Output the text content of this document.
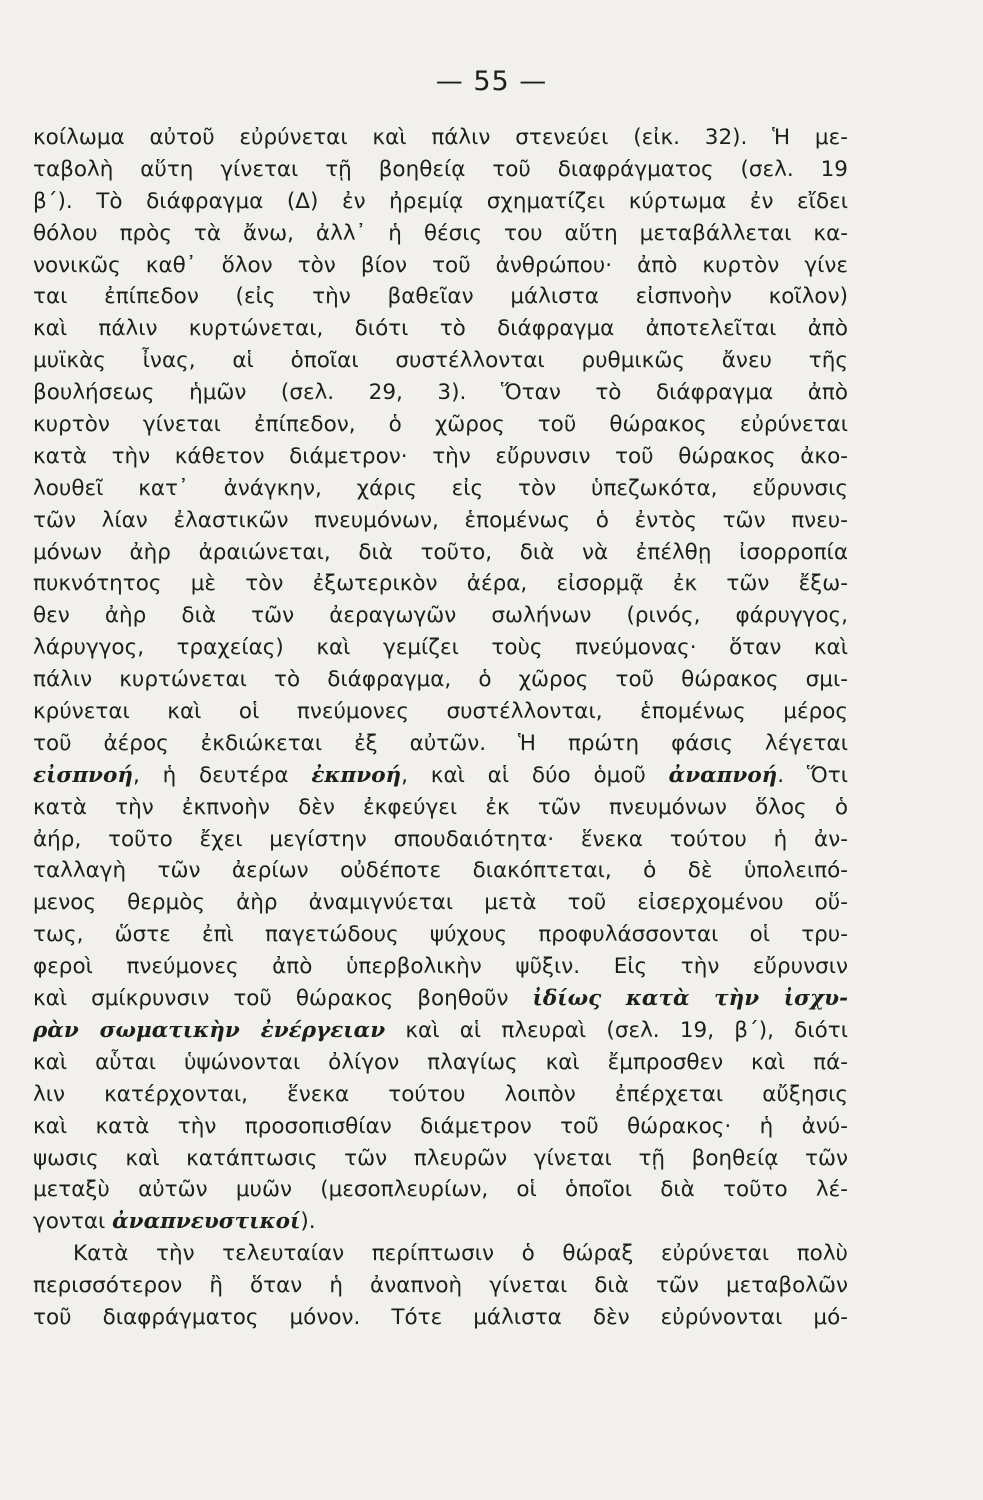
— 55 —
κοίλωμα αὐτοῦ εὐρύνεται καὶ πάλιν στενεύει (εἰκ. 32). Ἡ με-
ταβολὴ αὕτη γίνεται τῇ βοηθείᾳ τοῦ διαφράγματος (σελ. 19
β΄). Τὸ διάφραγμα (Δ) ἐν ἠρεμίᾳ σχηματίζει κύρτωμα ἐν εἴδει
θόλου πρὸς τὰ ἄνω, ἀλλ᾽ ἡ θέσις του αὕτη μεταβάλλεται κα-
νονικῶς καθ᾽ ὅλον τὸν βίον τοῦ ἀνθρώπου· ἀπὸ κυρτὸν γίνε
ται ἐπίπεδον (εἰς τὴν βαθεῖαν μάλιστα εἰσπνοὴν κοῖλον)
καὶ πάλιν κυρτώνεται, διότι τὸ διάφραγμα ἀποτελεῖται ἀπὸ
μυϊκὰς ἶνας, αἱ ὁποῖαι συστέλλονται ρυθμικῶς ἄνευ τῆς
βουλήσεως ἡμῶν (σελ. 29, 3). Ὅταν τὸ διάφραγμα ἀπὸ
κυρτὸν γίνεται ἐπίπεδον, ὁ χῶρος τοῦ θώρακος εὐρύνεται
κατὰ τὴν κάθετον διάμετρον· τὴν εὔρυνσιν τοῦ θώρακος ἀκο-
λουθεῖ κατ᾽ ἀνάγκην, χάρις εἰς τὸν ὑπεζωκότα, εὔρυνσις
τῶν λίαν ἐλαστικῶν πνευμόνων, ἑπομένως ὁ ἐντὸς τῶν πνευ-
μόνων ἀὴρ ἀραιώνεται, διὰ τοῦτο, διὰ νὰ ἐπέλθῃ ἰσορροπία
πυκνότητος μὲ τὸν ἐξωτερικὸν ἀέρα, εἰσορμᾷ ἐκ τῶν ἔξω-
θεν ἀὴρ διὰ τῶν ἀεραγωγῶν σωλήνων (ρινός, φάρυγγος,
λάρυγγος, τραχείας) καὶ γεμίζει τοὺς πνεύμονας· ὅταν καὶ
πάλιν κυρτώνεται τὸ διάφραγμα, ὁ χῶρος τοῦ θώρακος σμι-
κρύνεται καὶ οἱ πνεύμονες συστέλλονται, ἑπομένως μέρος
τοῦ ἀέρος ἐκδιώκεται ἐξ αὐτῶν. Ἡ πρώτη φάσις λέγεται
εἰσπνοή, ἡ δευτέρα ἐκπνοή, καὶ αἱ δύο ὁμοῦ ἀναπνοή. Ὅτι
κατὰ τὴν ἐκπνοὴν δὲν ἐκφεύγει ἐκ τῶν πνευμόνων ὅλος ὁ
ἀήρ, τοῦτο ἔχει μεγίστην σπουδαιότητα· ἕνεκα τούτου ἡ ἀν-
ταλλαγὴ τῶν ἀερίων οὐδέποτε διακόπτεται, ὁ δὲ ὑπολειπό-
μενος θερμὸς ἀὴρ ἀναμιγνύεται μετὰ τοῦ εἰσερχομένου οὕ-
τως, ὥστε ἐπὶ παγετώδους ψύχους προφυλάσσονται οἱ τρυ-
φεροὶ πνεύμονες ἀπὸ ὑπερβολικὴν ψῦξιν. Εἰς τὴν εὔρυνσιν
καὶ σμίκρυνσιν τοῦ θώρακος βοηθοῦν ἰδίως κατὰ τὴν ἰσχυ-
ρὰν σωματικὴν ἐνέργειαν καὶ αἱ πλευραὶ (σελ. 19, β΄), διότι
καὶ αὗται ὑψώνονται ὀλίγον πλαγίως καὶ ἔμπροσθεν καὶ πά-
λιν κατέρχονται, ἕνεκα τούτου λοιπὸν ἐπέρχεται αὔξησις
καὶ κατὰ τὴν προσοπισθίαν διάμετρον τοῦ θώρακος· ἡ ἀνύ-
ψωσις καὶ κατάπτωσις τῶν πλευρῶν γίνεται τῇ βοηθείᾳ τῶν
μεταξὺ αὐτῶν μυῶν (μεσοπλευρίων, οἱ ὁποῖοι διὰ τοῦτο λέ-
γονται ἀναπνευστικοί).
Κατὰ τὴν τελευταίαν περίπτωσιν ὁ θώραξ εὐρύνεται πολὺ
περισσότερον ἢ ὅταν ἡ ἀναπνοὴ γίνεται διὰ τῶν μεταβολῶν
τοῦ διαφράγματος μόνον. Τότε μάλιστα δὲν εὐρύνονται μό-
